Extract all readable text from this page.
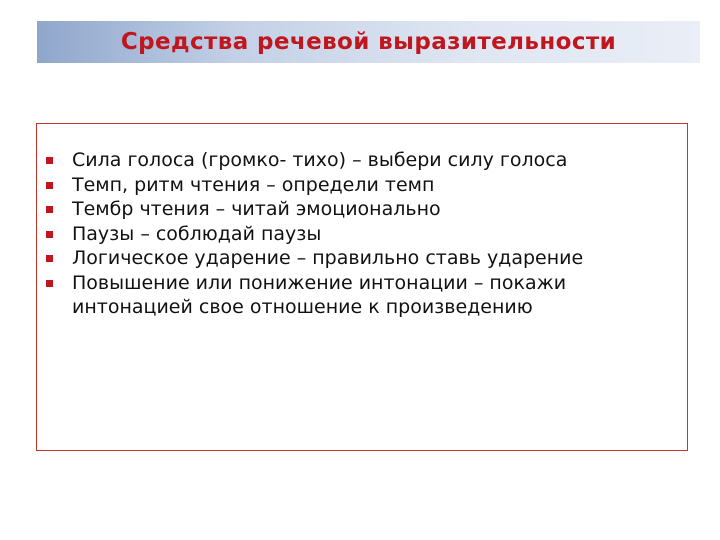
Средства речевой выразительности
Сила голоса (громко- тихо) – выбери силу голоса
Темп, ритм чтения – определи темп
Тембр чтения – читай эмоционально
Паузы – соблюдай паузы
Логическое ударение – правильно ставь ударение
Повышение или понижение интонации – покажи интонацией свое отношение к произведению
